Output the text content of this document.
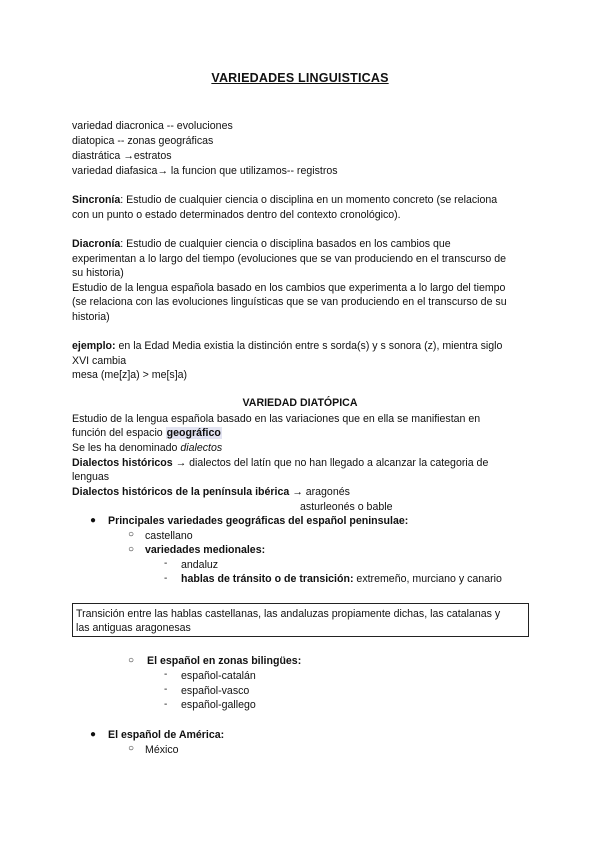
VARIEDADES LINGUISTICAS
variedad diacronica -- evoluciones
diatopica -- zonas geográficas
diastrática →estratos
variedad diafasica→ la funcion que utilizamos-- registros
Sincronía: Estudio de cualquier ciencia o disciplina en un momento concreto (se relaciona
con un punto o estado determinados dentro del contexto cronológico).
Diacronía: Estudio de cualquier ciencia o disciplina basados en los cambios que
experimentan a lo largo del tiempo (evoluciones que se van produciendo en el transcurso de
su historia)
Estudio de la lengua española basado en los cambios que experimenta a lo largo del tiempo
(se relaciona con las evoluciones linguísticas que se van produciendo en el transcurso de su
historia)
ejemplo: en la Edad Media existia la distinción entre s sorda(s) y s sonora (z), mientra siglo
XVI cambia
mesa (me[z]a) > me[s]a)
VARIEDAD DIATÓPICA
Estudio de la lengua española basado en las variaciones que en ella se manifiestan en
función del espacio geográfico
Se les ha denominado dialectos
Dialectos históricos → dialectos del latín que no han llegado a alcanzar la categoria de
lenguas
Dialectos históricos de la península ibérica → aragonés
asturleonés o bable
● Principales variedades geográficas del español peninsulae:
○ castellano
○ variedades medionales:
- andaluz
- hablas de tránsito o de transición: extremeño, murciano y canario
Transición entre las hablas castellanas, las andaluzas propiamente dichas, las catalanas y
las antiguas aragonesas
○ El español en zonas bilingües:
- español-catalán
- español-vasco
- español-gallego
● El español de América:
○ México
